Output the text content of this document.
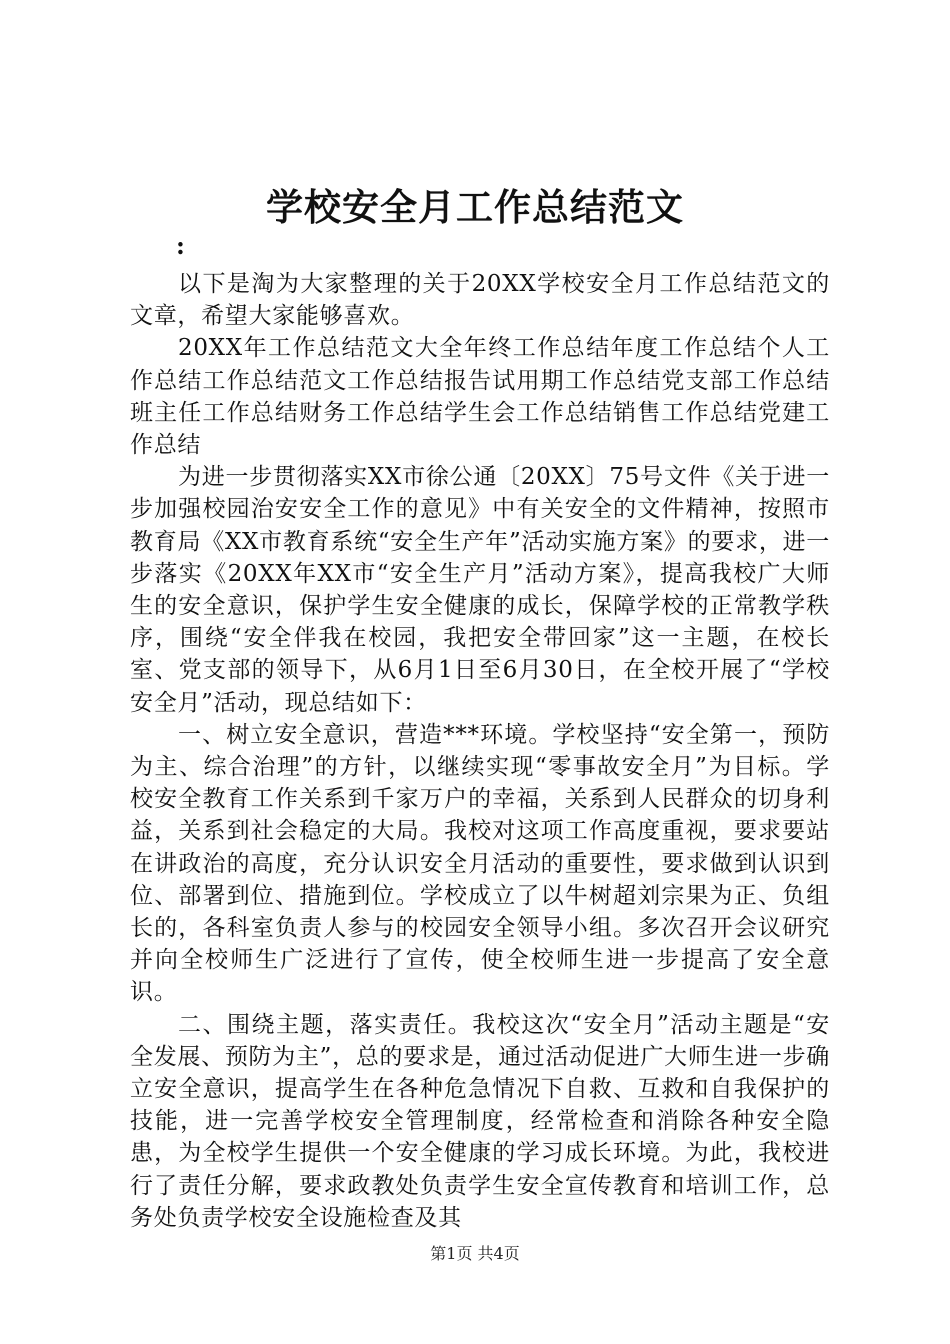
学校安全月工作总结范文

:

以下是淘为大家整理的关于20XX学校安全月工作总结范文的文章，希望大家能够喜欢。

20XX年工作总结范文大全年终工作总结年度工作总结个人工作总结工作总结范文工作总结报告试用期工作总结党支部工作总结班主任工作总结财务工作总结学生会工作总结销售工作总结党建工作总结

为进一步贯彻落实XX市徐公通〔20XX〕75号文件《关于进一步加强校园治安安全工作的意见》中有关安全的文件精神，按照市教育局《XX市教育系统“安全生产年”活动实施方案》的要求，进一步落实《20XX年XX市“安全生产月”活动方案》，提高我校广大师生的安全意识，保护学生安全健康的成长，保障学校的正常教学秩序，围绕“安全伴我在校园，我把安全带回家”这一主题，在校长室、党支部的领导下，从6月1日至6月30日，在全校开展了“学校安全月”活动，现总结如下：

一、树立安全意识，营造***环境。学校坚持“安全第一，预防为主、综合治理”的方针，以继续实现“零事故安全月”为目标。学校安全教育工作关系到千家万户的幸福，关系到人民群众的切身利益，关系到社会稳定的大局。我校对这项工作高度重视，要求要站在讲政治的高度，充分认识安全月活动的重要性，要求做到认识到位、部署到位、措施到位。学校成立了以牛树超刘宗果为正、负组长的，各科室负责人参与的校园安全领导小组。多次召开会议研究并向全校师生广泛进行了宣传，使全校师生进一步提高了安全意识。

二、围绕主题，落实责任。我校这次“安全月”活动主题是“安全发展、预防为主”，总的要求是，通过活动促进广大师生进一步确立安全意识，提高学生在各种危急情况下自救、互救和自我保护的技能，进一完善学校安全管理制度，经常检查和消除各种安全隐患，为全校学生提供一个安全健康的学习成长环境。为此，我校进行了责任分解，要求政教处负责学生安全宣传教育和培训工作，总务处负责学校安全设施检查及其

第1页 共4页
